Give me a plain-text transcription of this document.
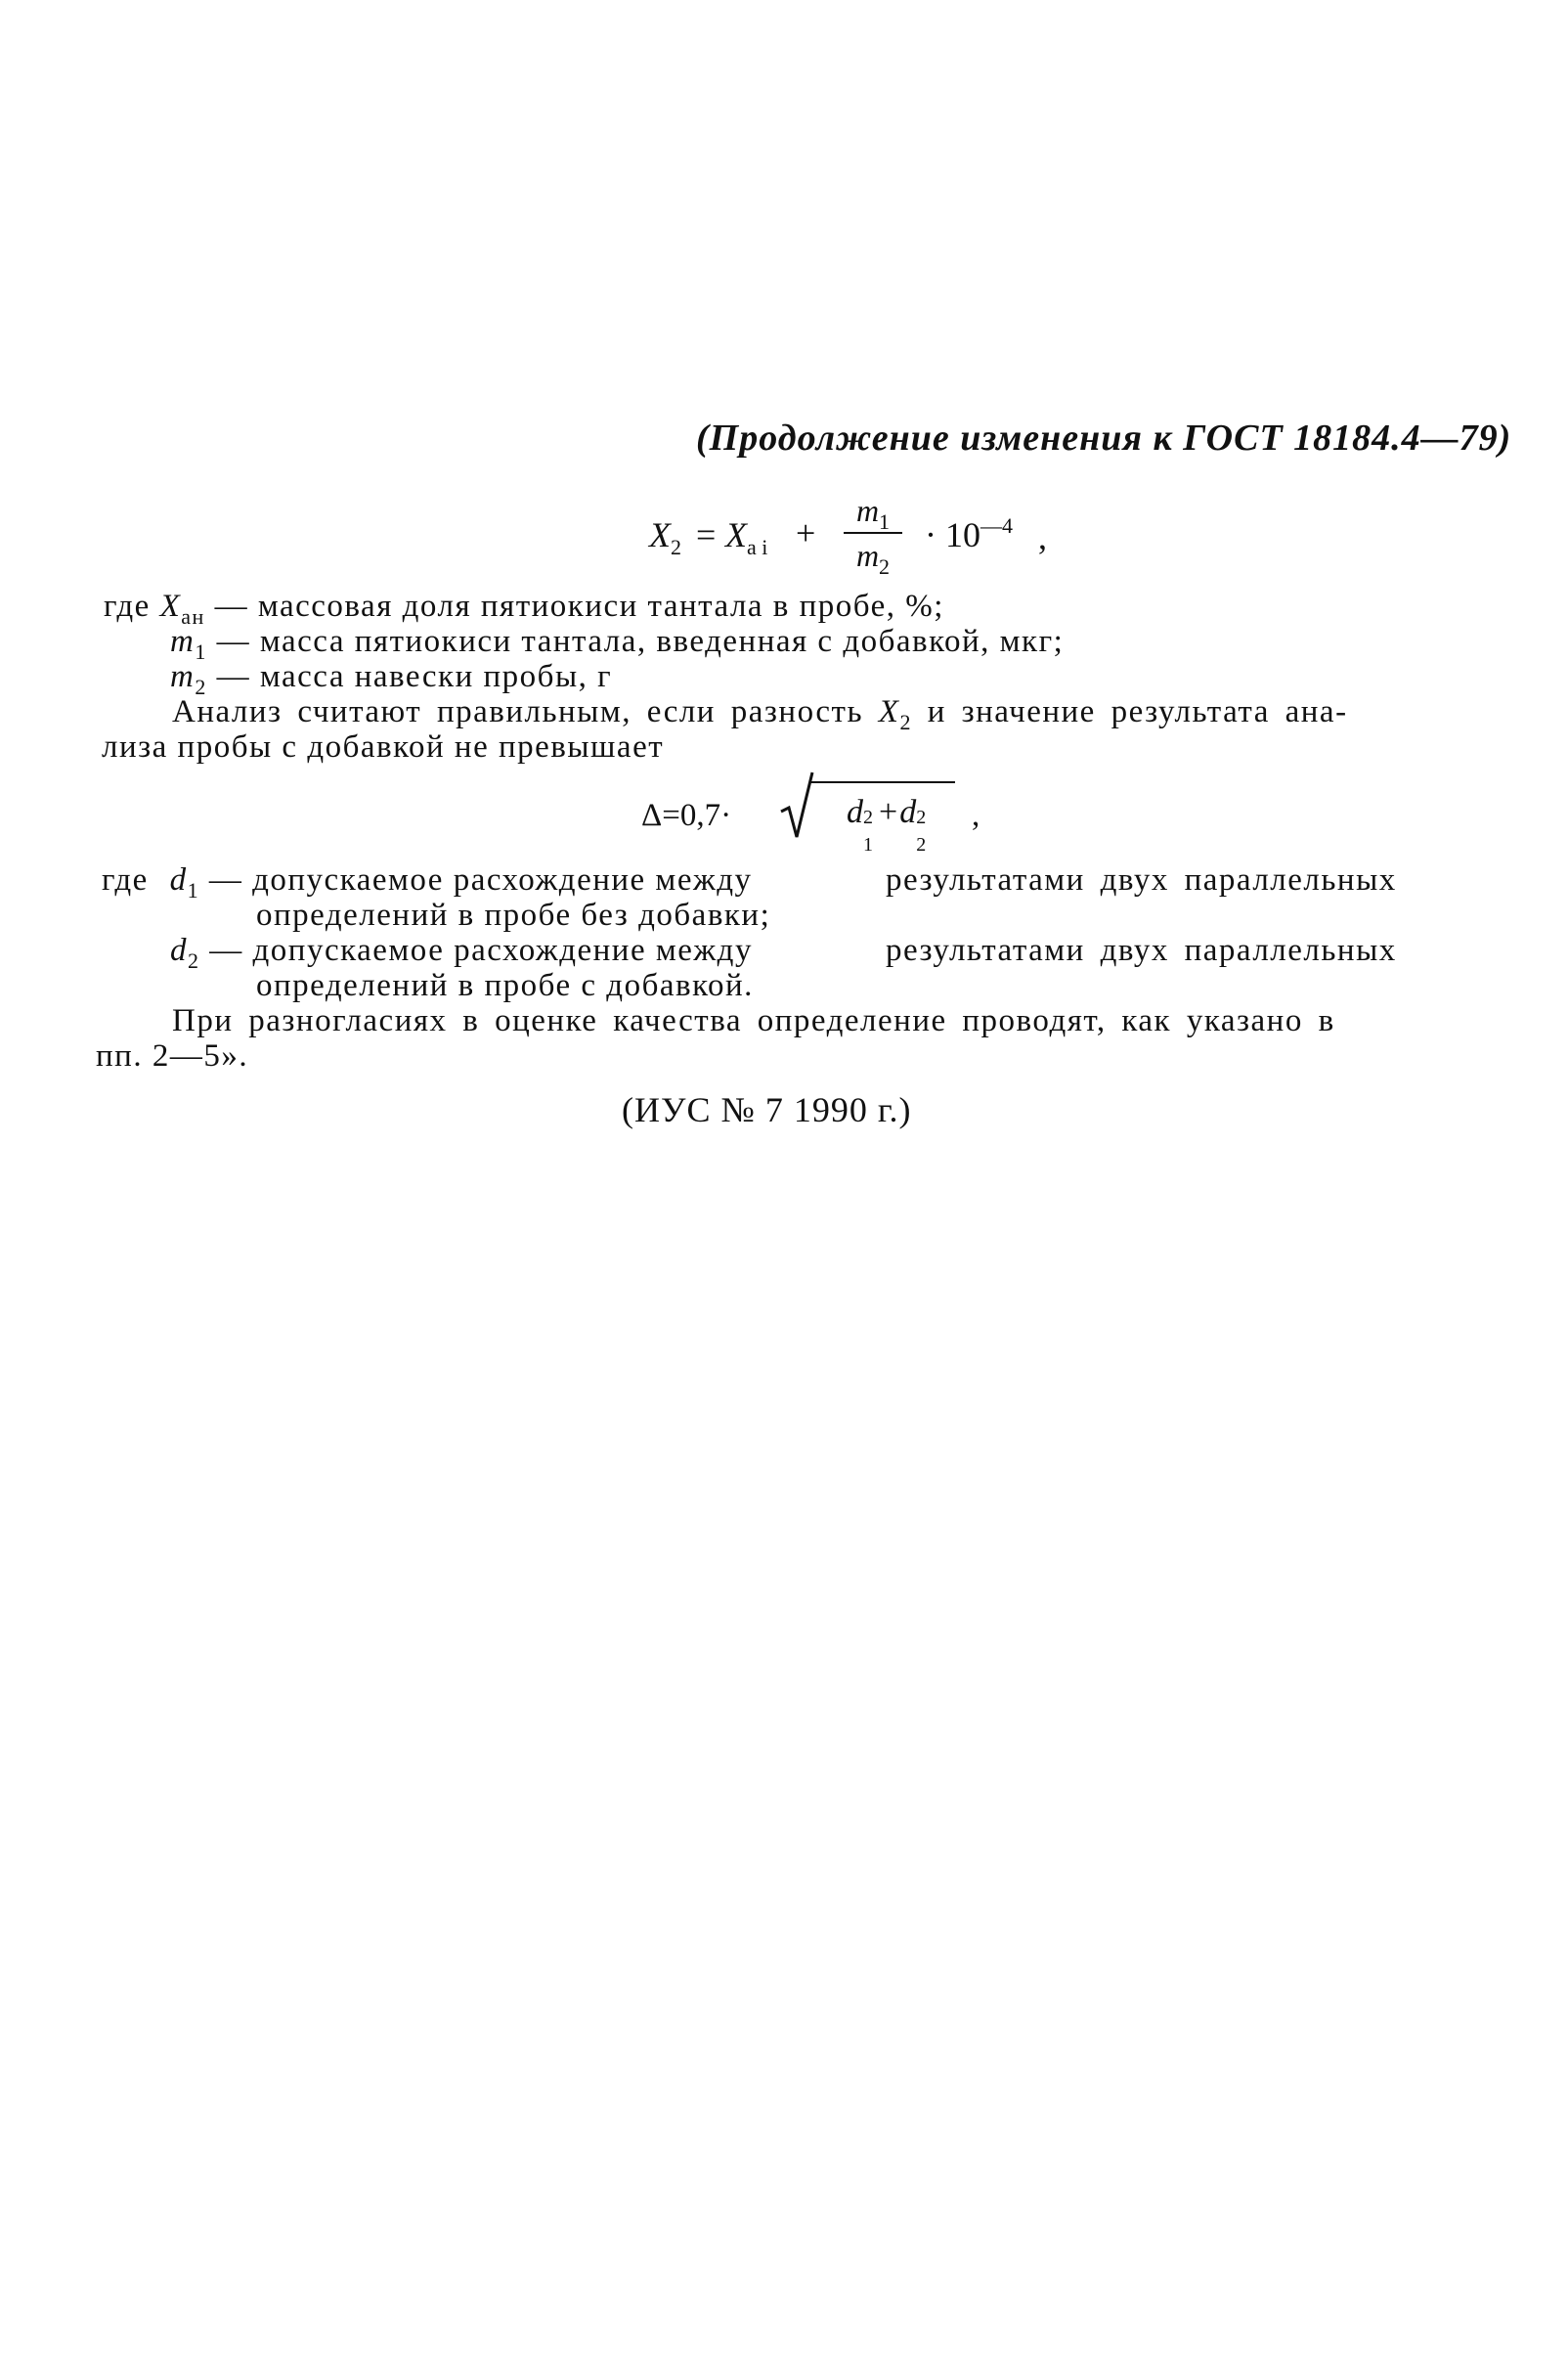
(Продолжение изменения к ГОСТ 18184.4—79)
$X_2 = X_{а і}$ +
$m_1$
$m_2$
· $10^{—4}$ ,
где $X_{ан}$ — массовая доля пятиокиси тантала в пробе, %;
$m_1$ — масса пятиокиси тантала, введенная с добавкой, мкг;
$m_2$ — масса навески пробы, г
Анализ считают правильным, если разность $X_2$ и значение результата ана-
лиза пробы с добавкой не превышает
Δ=0,7·	d 2
1
+d 2
2
,
где $d_1$ — допускаемое расхождение между	результатами двух параллельных
определений в пробе без добавки;
$d_2$ — допускаемое расхождение между	результатами двух параллельных
определений в пробе с добавкой.
При разногласиях в оценке качества определение проводят, как указано в
пп. 2—5».
(ИУС № 7 1990 г.)
